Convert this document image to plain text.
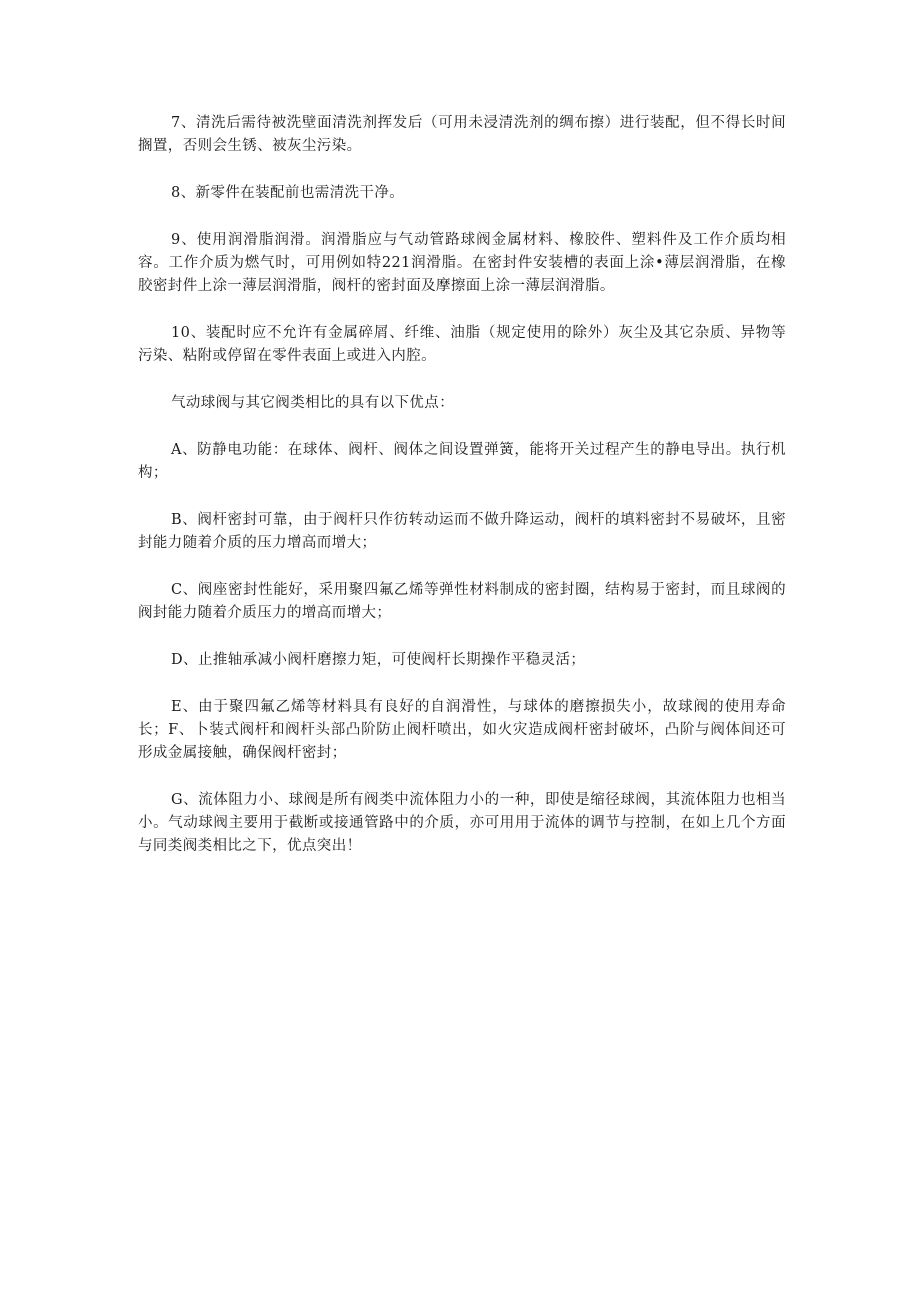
7、清洗后需待被洗壁面清洗剂挥发后（可用未浸清洗剂的绸布擦）进行装配，但不得长时间搁置，否则会生锈、被灰尘污染。

8、新零件在装配前也需清洗干净。

9、使用润滑脂润滑。润滑脂应与气动管路球阀金属材料、橡胶件、塑料件及工作介质均相容。工作介质为燃气时，可用例如特221润滑脂。在密封件安装槽的表面上涂•薄层润滑脂，在橡胶密封件上涂一薄层润滑脂，阀杆的密封面及摩擦面上涂一薄层润滑脂。

10、装配时应不允许有金属碎屑、纤维、油脂（规定使用的除外）灰尘及其它杂质、异物等污染、粘附或停留在零件表面上或进入内腔。

气动球阀与其它阀类相比的具有以下优点：

A、防静电功能：在球体、阀杆、阀体之间设置弹簧，能将开关过程产生的静电导出。执行机构；

B、阀杆密封可靠，由于阀杆只作彷转动运而不做升降运动，阀杆的填料密封不易破坏，且密封能力随着介质的压力增高而增大；

C、阀座密封性能好，采用聚四氟乙烯等弹性材料制成的密封圈，结构易于密封，而且球阀的阀封能力随着介质压力的增高而增大；

D、止推轴承减小阀杆磨擦力矩，可使阀杆长期操作平稳灵活；

E、由于聚四氟乙烯等材料具有良好的自润滑性，与球体的磨擦损失小，故球阀的使用寿命长；F、卜装式阀杆和阀杆头部凸阶防止阀杆喷出，如火灾造成阀杆密封破坏，凸阶与阀体间还可形成金属接触，确保阀杆密封；

G、流体阻力小、球阀是所有阀类中流体阻力小的一种，即使是缩径球阀，其流体阻力也相当小。气动球阀主要用于截断或接通管路中的介质，亦可用用于流体的调节与控制，在如上几个方面与同类阀类相比之下，优点突出！
